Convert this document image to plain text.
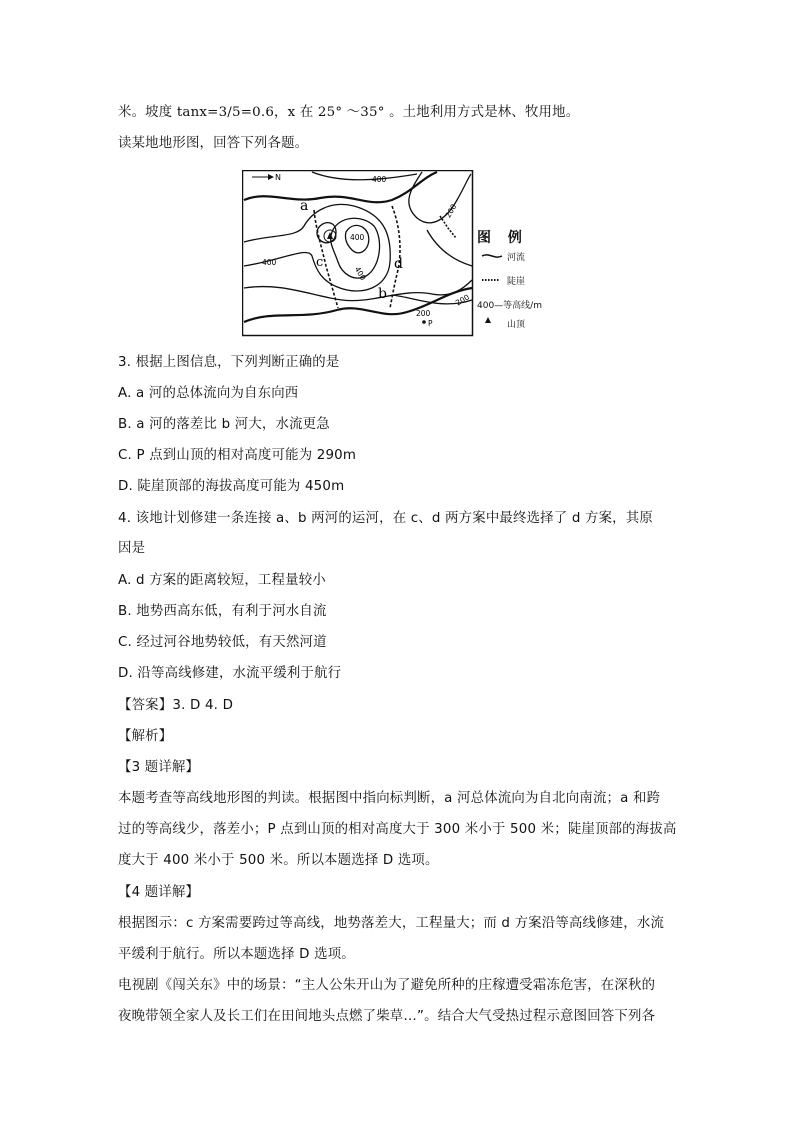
米。坡度 tanx=3/5=0.6，x 在 25° ～35° 。土地利用方式是林、牧用地。
读某地地形图，回答下列各题。
N	400
200
400
400
400
200
200
a
b
c	d
P
图 例
河流
陡崖
400—等高线/m
山顶
3. 根据上图信息，下列判断正确的是
A. a 河的总体流向为自东向西
B. a 河的落差比 b 河大，水流更急
C. P 点到山顶的相对高度可能为 290m
D. 陡崖顶部的海拔高度可能为 450m
4. 该地计划修建一条连接 a、b 两河的运河，在 c、d 两方案中最终选择了 d 方案，其原
因是
A. d 方案的距离较短，工程量较小
B. 地势西高东低，有利于河水自流
C. 经过河谷地势较低，有天然河道
D. 沿等高线修建，水流平缓利于航行
【答案】3. D 4. D
【解析】
【3 题详解】
本题考查等高线地形图的判读。根据图中指向标判断，a 河总体流向为自北向南流；a 和跨
过的等高线少，落差小；P 点到山顶的相对高度大于 300 米小于 500 米；陡崖顶部的海拔高
度大于 400 米小于 500 米。所以本题选择 D 选项。
【4 题详解】
根据图示：c 方案需要跨过等高线，地势落差大，工程量大；而 d 方案沿等高线修建，水流
平缓利于航行。所以本题选择 D 选项。
电视剧《闯关东》中的场景：“主人公朱开山为了避免所种的庄稼遭受霜冻危害，在深秋的
夜晚带领全家人及长工们在田间地头点燃了柴草…”。结合大气受热过程示意图回答下列各
